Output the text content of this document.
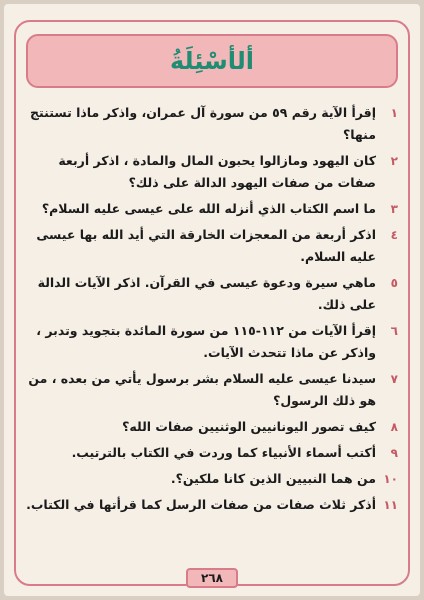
ألأسْئِلَةُ
١
إقرأ الآية رقم ٥٩ من سورة آل عمران، واذكر ماذا تستنتج منها؟
٢
كان اليهود ومازالوا يحبون المال والمادة ، اذكر أربعة صفات من صفات اليهود الدالة على ذلك؟
٣
ما اسم الكتاب الذي أنزله الله على عيسى عليه السلام؟
٤
اذكر أربعة من المعجزات الخارقة التي أيد الله بها عيسى عليه السلام.
٥
ماهي سيرة ودعوة عيسى في القرآن. اذكر الآيات الدالة على ذلك.
٦
إقرأ الآيات من ١١٢-١١٥ من سورة المائدة بتجويد وتدبر ، واذكر عن ماذا تتحدث الآيات.
٧
سيدنا عيسى عليه السلام بشر برسول يأتي من بعده ، من هو ذلك الرسول؟
٨
كيف تصور اليونانيين الوثنيين صفات الله؟
٩
أكتب أسماء الأنبياء كما وردت في الكتاب بالترتيب.
١٠
من هما النبيين الذين كانا ملكين؟.
١١
أذكر ثلاث صفات من صفات الرسل كما قرأتها في الكتاب.
٢٦٨
